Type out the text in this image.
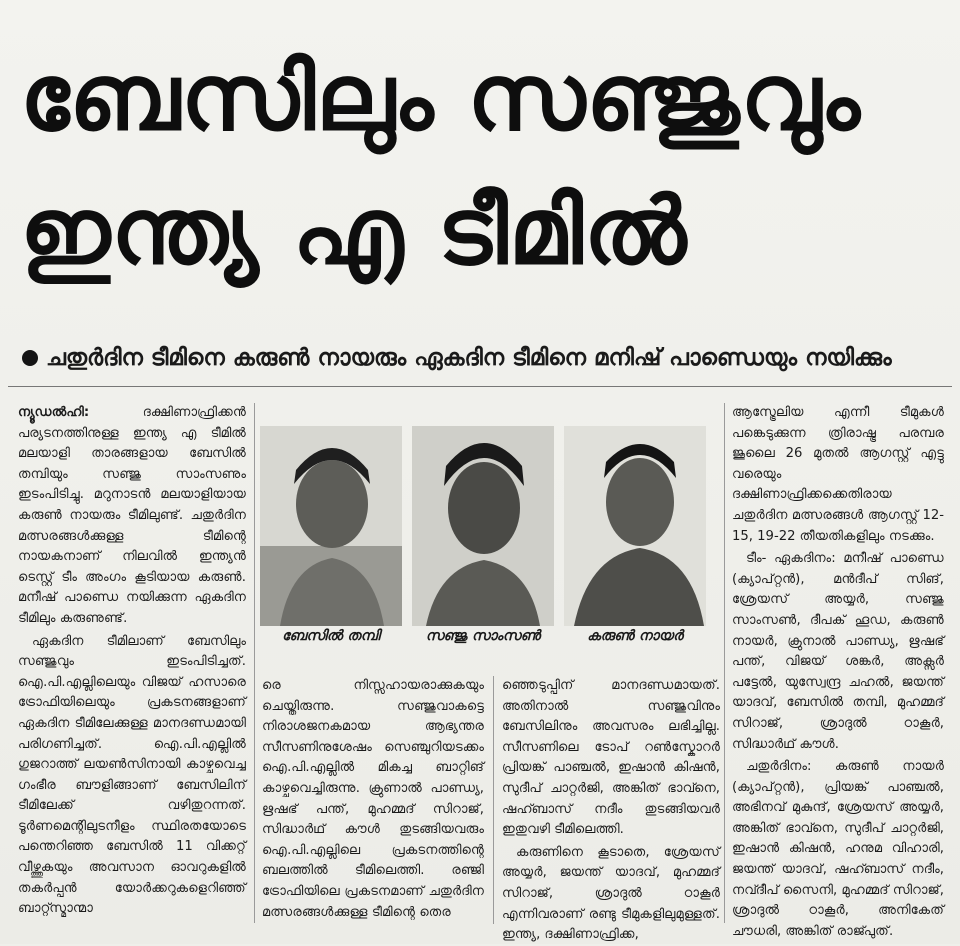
ബേസിലും സഞ്ജുവും
ഇന്ത്യ എ ടീമിൽ
ചതുർദിന ടീമിനെ കരുൺ നായരും ഏകദിന ടീമിനെ മനിഷ് പാണ്ഡെയും നയിക്കും

ന്യൂഡൽഹി:	ദക്ഷിണാഫ്രിക്കൻ പര്യടനത്തിനുള്ള ഇന്ത്യ എ ടീമിൽ മലയാളി താരങ്ങളായ ബേസിൽ തമ്പിയും സഞ്ജു സാംസണും ഇടംപിടിച്ചു. മറുനാടൻ മലയാളിയായ കരുൺ നായരും ടീമിലുണ്ട്. ചതുർദിന മത്സരങ്ങൾക്കുള്ള ടീമിന്റെ നായകനാണ് നിലവിൽ ഇന്ത്യൻ ടെസ്റ്റ് ടീം അംഗം കൂടിയായ കരുൺ. മനീഷ് പാണ്ഡെ നയിക്കുന്ന ഏകദിന ടീമിലും കരുണുണ്ട്.

ഏകദിന ടീമിലാണ് ബേസിലും സഞ്ജുവും ഇടംപിടിച്ചത്. ഐ.പി.എല്ലിലെയും വിജയ് ഹസാരെ ട്രോഫിയിലെയും പ്രകടനങ്ങളാണ് ഏകദിന ടീമിലേക്കുള്ള മാനദണ്ഡമായി പരിഗണിച്ചത്. ഐ.പി.എല്ലിൽ ഗുജറാത്ത് ലയൺസിനായി കാഴ്ചവെച്ച ഗംഭീര ബൗളിങ്ങാണ് ബേസിലിന് ടീമിലേക്ക് വഴിതുറന്നത്. ടൂർണമെന്റിലുടനീളം സ്ഥിരതയോടെ പന്തെറിഞ്ഞ ബേസിൽ 11 വിക്കറ്റ് വീഴ്ത്തുകയും അവസാന ഓവറുകളിൽ തകർപ്പൻ യോർക്കറുകളെറിഞ്ഞ് ബാറ്റ്സ്മാന്മാ

ബേസിൽ തമ്പി	സഞ്ജു സാംസൺ	കരുൺ നായർ

രെ നിസ്സഹായരാക്കുകയും ചെയ്തിരുന്നു. സഞ്ജുവാകട്ടെ നിരാശജനകമായ ആഭ്യന്തര സീസണിനുശേഷം സെഞ്ചുറിയടക്കം ഐ.പി.എല്ലിൽ മികച്ച ബാറ്റിങ് കാഴ്ചവെച്ചിരുന്നു. ക്രുണാൽ പാണ്ഡ്യ, ഋഷഭ് പന്ത്, മുഹമ്മദ് സിറാജ്, സിദ്ധാർഥ് കൗൾ തുടങ്ങിയവരും ഐ.പി.എല്ലിലെ പ്രകടനത്തിന്റെ ബലത്തിൽ ടീമിലെത്തി. രഞ്ജി ട്രോഫിയിലെ പ്രകടനമാണ് ചതുർദിന മത്സരങ്ങൾക്കുള്ള ടീമിന്റെ തെര

ഞ്ഞെടുപ്പിന് മാനദണ്ഡമായത്. അതിനാൽ സഞ്ജുവിനും ബേസിലിനും അവസരം ലഭിച്ചില്ല. സീസണിലെ ടോപ് റൺസ്കോറർ പ്രിയങ്ക് പാഞ്ചൽ, ഇഷാൻ കിഷൻ, സുദീപ് ചാറ്റർജി, അങ്കിത് ഭാവ്നെ, ഷഹ്ബാസ് നദീം തുടങ്ങിയവർ ഇതുവഴി ടീമിലെത്തി.

കരുണിനെ കൂടാതെ, ശ്രേയസ് അയ്യർ, ജയന്ത് യാദവ്, മുഹമ്മദ് സിറാജ്, ശ്രാദുൽ ഠാകൂർ എന്നിവരാണ് രണ്ടു ടീമുകളിലുമുള്ളത്. ഇന്ത്യ, ദക്ഷിണാഫ്രിക്ക,

ആസ്ട്രേലിയ എന്നീ ടീമുകൾ പങ്കെടുക്കുന്ന ത്രിരാഷ്ട്ര പരമ്പര ജൂലൈ 26 മുതൽ ആഗസ്റ്റ് എട്ടു വരെയും ദക്ഷിണാഫ്രിക്കക്കെതിരായ ചതുർദിന മത്സരങ്ങൾ ആഗസ്റ്റ് 12-15, 19-22 തീയതികളിലും നടക്കും.

ടീം- ഏകദിനം: മനീഷ് പാണ്ഡെ (ക്യാപ്റ്റൻ), മൻദീപ് സിങ്, ശ്രേയസ് അയ്യർ, സഞ്ജു സാംസൺ, ദീപക് ഹൂഡ, കരുൺ നായർ, ക്രുനാൽ പാണ്ഡ്യ, ഋഷഭ് പന്ത്, വിജയ് ശങ്കർ, അക്സർ പട്ടേൽ, യുസ്വേന്ദ്ര ചഹൽ, ജയന്ത് യാദവ്, ബേസിൽ തമ്പി, മുഹമ്മദ് സിറാജ്, ശ്രാദുൽ ഠാകൂർ, സിദ്ധാർഥ് കൗൾ.

ചതുർദിനം: കരുൺ നായർ (ക്യാപ്റ്റൻ), പ്രിയങ്ക് പാഞ്ചൽ, അഭിനവ് മുകുന്ദ്, ശ്രേയസ് അയ്യർ, അങ്കിത് ഭാവ്നെ, സുദീപ് ചാറ്റർജി, ഇഷാൻ കിഷൻ, ഹനുമ വിഹാരി, ജയന്ത് യാദവ്, ഷഹ്ബാസ് നദീം, നവ്ദീപ് സൈനി, മുഹമ്മദ് സിറാജ്, ശ്രാദുൽ ഠാകൂർ, അനികേത് ചൗധരി, അങ്കിത് രാജ്പുത്.
